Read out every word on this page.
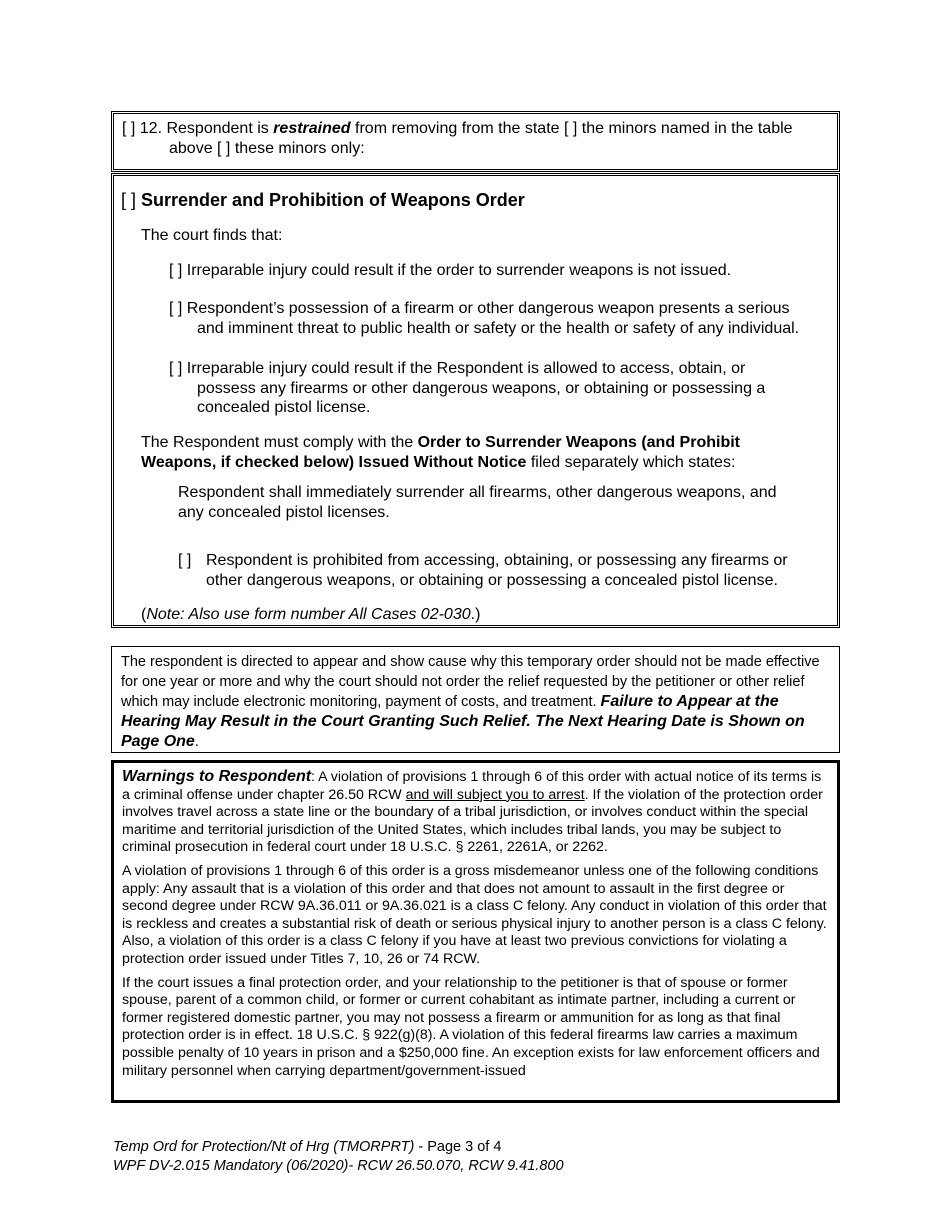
[ ] 12. Respondent is restrained from removing from the state [ ] the minors named in the table
above [ ] these minors only:
[ ] Surrender and Prohibition of Weapons Order
The court finds that:
[ ] Irreparable injury could result if the order to surrender weapons is not issued.
[ ] Respondent’s possession of a firearm or other dangerous weapon presents a serious
and imminent threat to public health or safety or the health or safety of any individual.
[ ] Irreparable injury could result if the Respondent is allowed to access, obtain, or
possess any firearms or other dangerous weapons, or obtaining or possessing a
concealed pistol license.
The Respondent must comply with the Order to Surrender Weapons (and Prohibit
Weapons, if checked below) Issued Without Notice filed separately which states:
Respondent shall immediately surrender all firearms, other dangerous weapons, and
any concealed pistol licenses.
[ ] Respondent is prohibited from accessing, obtaining, or possessing any firearms or
other dangerous weapons, or obtaining or possessing a concealed pistol license.
(Note: Also use form number All Cases 02-030.)
The respondent is directed to appear and show cause why this temporary order should not be made effective for one year or more and why the court should not order the relief requested by the petitioner or other relief which may include electronic monitoring, payment of costs, and treatment. Failure to Appear at the Hearing May Result in the Court Granting Such Relief. The Next Hearing Date is Shown on Page One.

Warnings to Respondent: A violation of provisions 1 through 6 of this order with actual notice of its terms is a criminal offense under chapter 26.50 RCW and will subject you to arrest. If the violation of the protection order involves travel across a state line or the boundary of a tribal jurisdiction, or involves conduct within the special maritime and territorial jurisdiction of the United States, which includes tribal lands, you may be subject to criminal prosecution in federal court under 18 U.S.C. § 2261, 2261A, or 2262.

A violation of provisions 1 through 6 of this order is a gross misdemeanor unless one of the following conditions apply: Any assault that is a violation of this order and that does not amount to assault in the first degree or second degree under RCW 9A.36.011 or 9A.36.021 is a class C felony. Any conduct in violation of this order that is reckless and creates a substantial risk of death or serious physical injury to another person is a class C felony. Also, a violation of this order is a class C felony if you have at least two previous convictions for violating a protection order issued under Titles 7, 10, 26 or 74 RCW.

If the court issues a final protection order, and your relationship to the petitioner is that of spouse or former spouse, parent of a common child, or former or current cohabitant as intimate partner, including a current or former registered domestic partner, you may not possess a firearm or ammunition for as long as that final protection order is in effect. 18 U.S.C. § 922(g)(8). A violation of this federal firearms law carries a maximum possible penalty of 10 years in prison and a $250,000 fine. An exception exists for law enforcement officers and military personnel when carrying department/government-issued

Temp Ord for Protection/Nt of Hrg (TMORPRT) - Page 3 of 4
WPF DV-2.015 Mandatory (06/2020)- RCW 26.50.070, RCW 9.41.800
